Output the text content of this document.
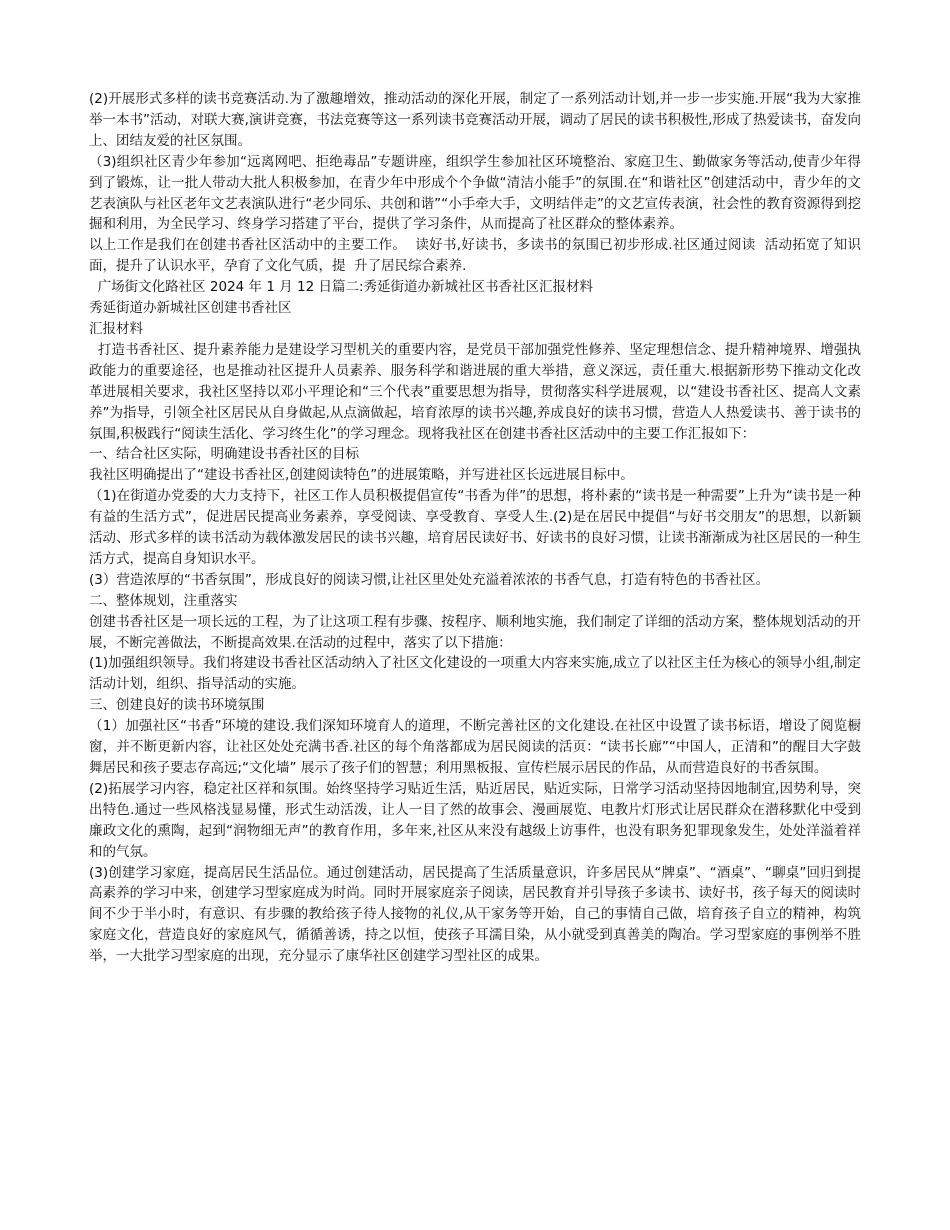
(2)开展形式多样的读书竞赛活动.为了激趣增效，推动活动的深化开展，制定了一系列活动计划,并一步一步实施.开展“我为大家推举一本书”活动，对联大赛,演讲竞赛，书法竞赛等这一系列读书竞赛活动开展，调动了居民的读书积极性,形成了热爱读书，奋发向上、团结友爱的社区氛围。

（3)组织社区青少年参加“远离网吧、拒绝毒品”专题讲座，组织学生参加社区环境整治、家庭卫生、勤做家务等活动,使青少年得到了锻炼，让一批人带动大批人积极参加，在青少年中形成个个争做“清洁小能手”的氛围.在“和谐社区”创建活动中，青少年的文艺表演队与社区老年文艺表演队进行“老少同乐、共创和谐”“小手牵大手，文明结伴走”的文艺宣传表演，社会性的教育资源得到挖掘和利用，为全民学习、终身学习搭建了平台，提供了学习条件，从而提高了社区群众的整体素养。

以上工作是我们在创建书香社区活动中的主要工作。  读好书,好读书，多读书的氛围已初步形成.社区通过阅读  活动拓宽了知识面，提升了认识水平，孕育了文化气质，提  升了居民综合素养.

广场街文化路社区 2024 年 1 月 12 日篇二:秀延街道办新城社区书香社区汇报材料

秀延街道办新城社区创建书香社区

汇报材料

打造书香社区、提升素养能力是建设学习型机关的重要内容，是党员干部加强党性修养、坚定理想信念、提升精神境界、增强执政能力的重要途径，也是推动社区提升人员素养、服务科学和谐进展的重大举措，意义深远，责任重大.根据新形势下推动文化改革进展相关要求，我社区坚持以邓小平理论和“三个代表”重要思想为指导，贯彻落实科学进展观，以“建设书香社区、提高人文素养”为指导，引领全社区居民从自身做起,从点滴做起，培育浓厚的读书兴趣,养成良好的读书习惯，营造人人热爱读书、善于读书的氛围,积极践行“阅读生活化、学习终生化”的学习理念。现将我社区在创建书香社区活动中的主要工作汇报如下：

一、结合社区实际，明确建设书香社区的目标

我社区明确提出了“建设书香社区,创建阅读特色”的进展策略，并写进社区长远进展目标中。

（1)在街道办党委的大力支持下，社区工作人员积极提倡宣传“书香为伴”的思想，将朴素的“读书是一种需要”上升为“读书是一种有益的生活方式”，促进居民提高业务素养，享受阅读、享受教育、享受人生.(2)是在居民中提倡“与好书交朋友”的思想，以新颖活动、形式多样的读书活动为载体激发居民的读书兴趣，培育居民读好书、好读书的良好习惯，让读书渐渐成为社区居民的一种生活方式，提高自身知识水平。

(3）营造浓厚的“书香氛围”，形成良好的阅读习惯,让社区里处处充溢着浓浓的书香气息，打造有特色的书香社区。

二、整体规划，注重落实

创建书香社区是一项长远的工程，为了让这项工程有步骤、按程序、顺利地实施，我们制定了详细的活动方案，整体规划活动的开展，不断完善做法，不断提高效果.在活动的过程中，落实了以下措施：

(1)加强组织领导。我们将建设书香社区活动纳入了社区文化建设的一项重大内容来实施,成立了以社区主任为核心的领导小组,制定活动计划，组织、指导活动的实施。

三、创建良好的读书环境氛围

（1）加强社区“书香”环境的建设.我们深知环境育人的道理，不断完善社区的文化建设.在社区中设置了读书标语，增设了阅览橱窗，并不断更新内容，让社区处处充满书香.社区的每个角落都成为居民阅读的活页：“读书长廊”“中国人，正清和”的醒目大字鼓舞居民和孩子要志存高远;“文化墙” 展示了孩子们的智慧；利用黑板报、宣传栏展示居民的作品，从而营造良好的书香氛围。

(2)拓展学习内容，稳定社区祥和氛围。始终坚持学习贴近生活，贴近居民，贴近实际，日常学习活动坚持因地制宜,因势利导，突出特色.通过一些风格浅显易懂，形式生动活泼，让人一目了然的故事会、漫画展览、电教片灯形式让居民群众在潜移默化中受到廉政文化的熏陶，起到“润物细无声”的教育作用，多年来,社区从来没有越级上访事件，也没有职务犯罪现象发生，处处洋溢着祥和的气氛。

(3)创建学习家庭，提高居民生活品位。通过创建活动，居民提高了生活质量意识，许多居民从“牌桌”、“酒桌”、“聊桌”回归到提高素养的学习中来，创建学习型家庭成为时尚。同时开展家庭亲子阅读，居民教育并引导孩子多读书、读好书，孩子每天的阅读时间不少于半小时，有意识、有步骤的教给孩子待人接物的礼仪,从干家务等开始，自己的事情自己做，培育孩子自立的精神，构筑家庭文化，营造良好的家庭风气，循循善诱，持之以恒，使孩子耳濡目染，从小就受到真善美的陶冶。学习型家庭的事例举不胜举，一大批学习型家庭的出现，充分显示了康华社区创建学习型社区的成果。
